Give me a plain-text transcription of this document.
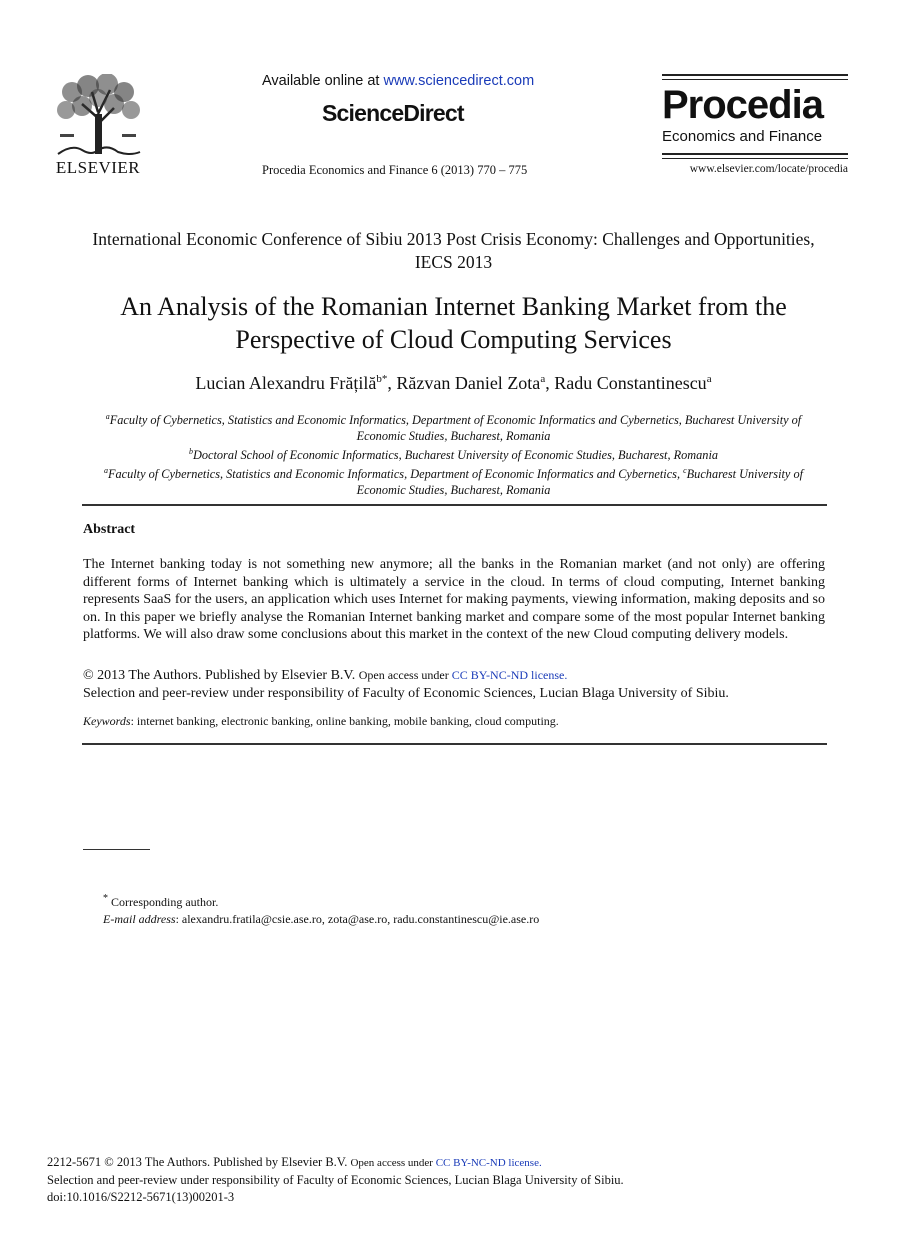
ELSEVIER
Available online at www.sciencedirect.com
ScienceDirect
Procedia Economics and Finance 6 (2013) 770 – 775
Procedia
Economics and Finance
www.elsevier.com/locate/procedia
International Economic Conference of Sibiu 2013 Post Crisis Economy: Challenges and Opportunities, IECS 2013
An Analysis of the Romanian Internet Banking Market from the Perspective of Cloud Computing Services
Lucian Alexandru Frățilă$^{b*}$, Răzvan Daniel Zota$^a$, Radu Constantinescu$^a$
$^a$Faculty of Cybernetics, Statistics and Economic Informatics, Department of Economic Informatics and Cybernetics, Bucharest University of Economic Studies, Bucharest, Romania
$^b$Doctoral School of Economic Informatics, Bucharest University of Economic Studies, Bucharest, Romania
$^a$Faculty of Cybernetics, Statistics and Economic Informatics, Department of Economic Informatics and Cybernetics, $^c$Bucharest University of Economic Studies, Bucharest, Romania
Abstract
The Internet banking today is not something new anymore; all the banks in the Romanian market (and not only) are offering different forms of Internet banking which is ultimately a service in the cloud. In terms of cloud computing, Internet banking represents SaaS for the users, an application which uses Internet for making payments, viewing information, making deposits and so on. In this paper we briefly analyse the Romanian Internet banking market and compare some of the most popular Internet banking platforms. We will also draw some conclusions about this market in the context of the new Cloud computing delivery models.
© 2013 The Authors. Published by Elsevier B.V. Open access under CC BY-NC-ND license.
Selection and peer-review under responsibility of Faculty of Economic Sciences, Lucian Blaga University of Sibiu.
Keywords: internet banking, electronic banking, online banking, mobile banking, cloud computing.
* Corresponding author.
E-mail address: alexandru.fratila@csie.ase.ro, zota@ase.ro, radu.constantinescu@ie.ase.ro
2212-5671 © 2013 The Authors. Published by Elsevier B.V. Open access under CC BY-NC-ND license.
Selection and peer-review under responsibility of Faculty of Economic Sciences, Lucian Blaga University of Sibiu.
doi:10.1016/S2212-5671(13)00201-3
